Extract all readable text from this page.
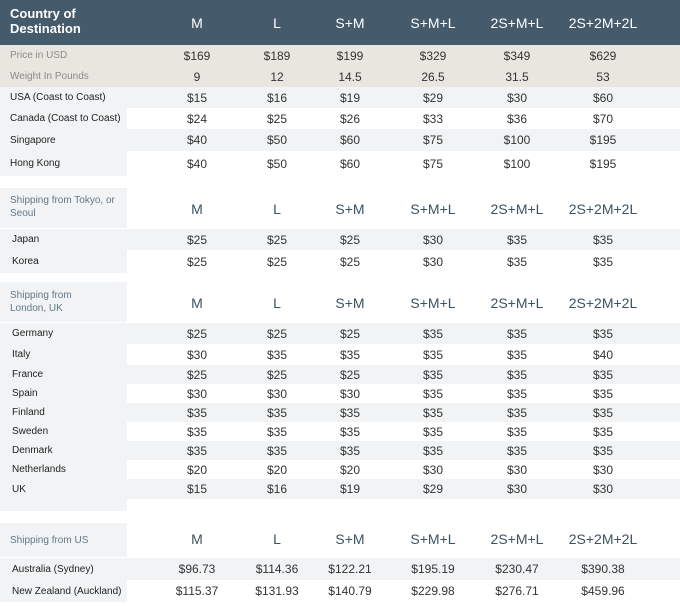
Country of Destination	M	L	S+M	S+M+L	2S+M+L	2S+2M+2L
Price in USD	$169	$189	$199	$329	$349	$629
Weight In Pounds	9	12	14.5	26.5	31.5	53
USA (Coast to Coast)	$15	$16	$19	$29	$30	$60
Canada (Coast to Coast)	$24	$25	$26	$33	$36	$70
Singapore	$40	$50	$60	$75	$100	$195
Hong Kong	$40	$50	$60	$75	$100	$195
Shipping from Tokyo, or Seoul	M	L	S+M	S+M+L	2S+M+L	2S+2M+2L
Japan	$25	$25	$25	$30	$35	$35
Korea	$25	$25	$25	$30	$35	$35
Shipping from London, UK	M	L	S+M	S+M+L	2S+M+L	2S+2M+2L
Germany	$25	$25	$25	$35	$35	$35
Italy	$30	$35	$35	$35	$35	$40
France	$25	$25	$25	$35	$35	$35
Spain	$30	$30	$30	$35	$35	$35
Finland	$35	$35	$35	$35	$35	$35
Sweden	$35	$35	$35	$35	$35	$35
Denmark	$35	$35	$35	$35	$35	$35
Netherlands	$20	$20	$20	$30	$30	$30
UK	$15	$16	$19	$29	$30	$30
Shipping from US	M	L	S+M	S+M+L	2S+M+L	2S+2M+2L
Australia (Sydney)	$96.73	$114.36	$122.21	$195.19	$230.47	$390.38
New Zealand (Auckland)	$115.37	$131.93	$140.79	$229.98	$276.71	$459.96
